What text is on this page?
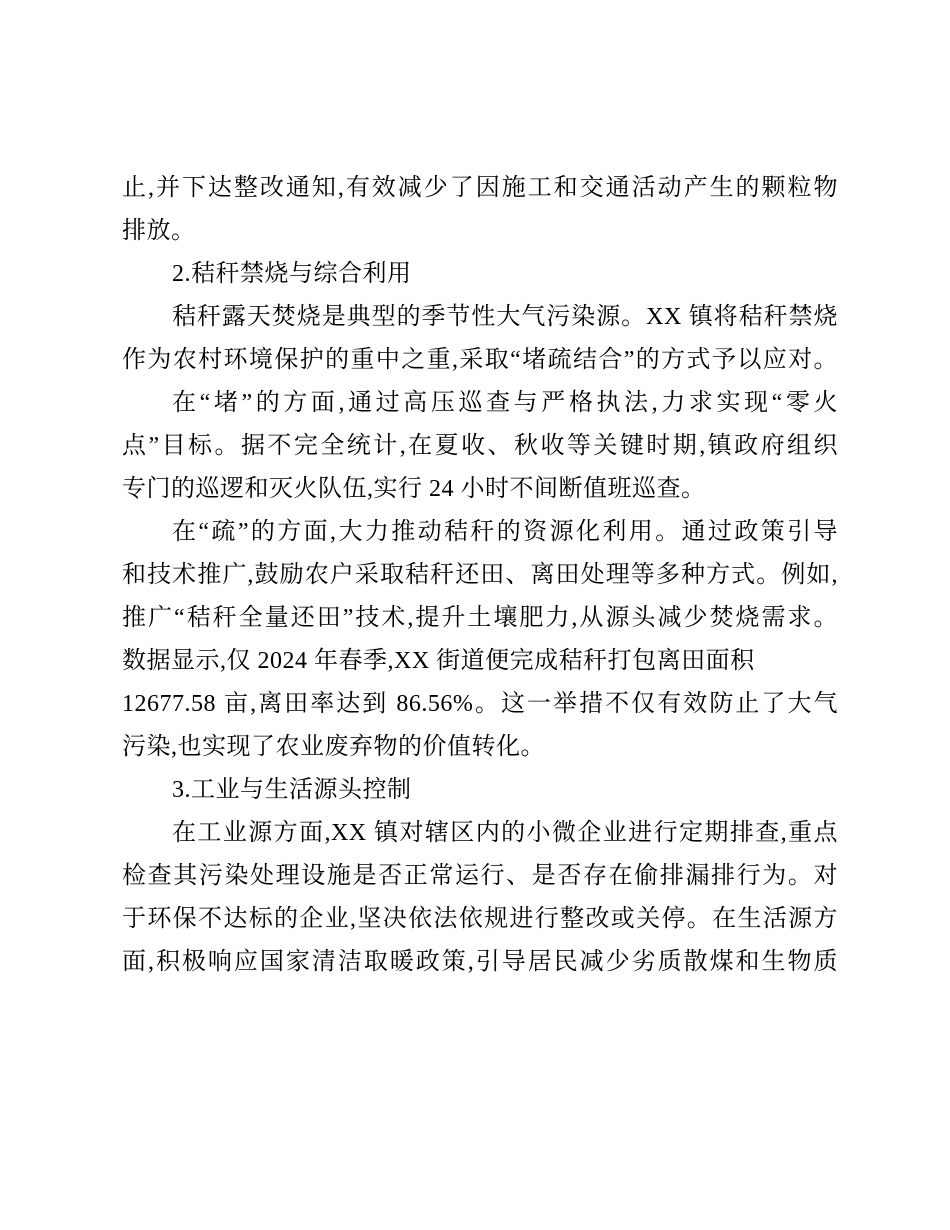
止,并下达整改通知,有效减少了因施工和交通活动产生的颗粒物
排放。
2.秸秆禁烧与综合利用
秸秆露天焚烧是典型的季节性大气污染源。XX 镇将秸秆禁烧
作为农村环境保护的重中之重,采取“堵疏结合”的方式予以应对。
在“堵”的方面,通过高压巡查与严格执法,力求实现“零火
点”目标。据不完全统计,在夏收、秋收等关键时期,镇政府组织
专门的巡逻和灭火队伍,实行 24 小时不间断值班巡查。
在“疏”的方面,大力推动秸秆的资源化利用。通过政策引导
和技术推广,鼓励农户采取秸秆还田、离田处理等多种方式。例如,
推广“秸秆全量还田”技术,提升土壤肥力,从源头减少焚烧需求。
数据显示,仅 2024 年春季,XX 街道便完成秸秆打包离田面积
12677.58 亩,离田率达到 86.56%。这一举措不仅有效防止了大气
污染,也实现了农业废弃物的价值转化。
3.工业与生活源头控制
在工业源方面,XX 镇对辖区内的小微企业进行定期排查,重点
检查其污染处理设施是否正常运行、是否存在偷排漏排行为。对
于环保不达标的企业,坚决依法依规进行整改或关停。在生活源方
面,积极响应国家清洁取暖政策,引导居民减少劣质散煤和生物质
